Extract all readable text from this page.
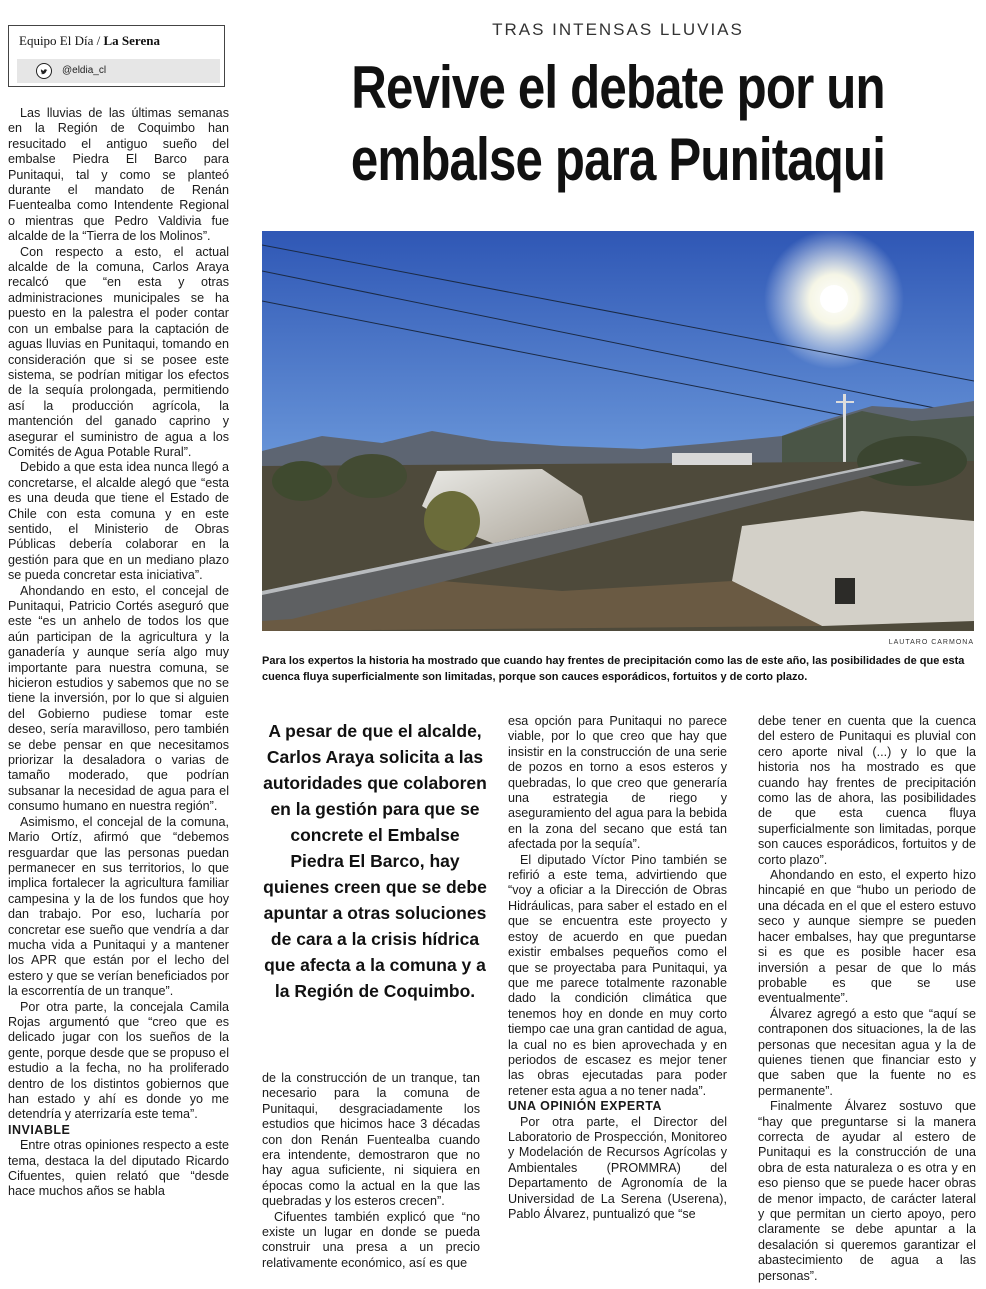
Equipo El Día / La Serena
@eldia_cl
TRAS INTENSAS LLUVIAS
Revive el debate por un embalse para Punitaqui
LAUTARO CARMONA
Para los expertos la historia ha mostrado que cuando hay frentes de precipitación como las de este año, las posibilidades de que esta cuenca fluya superficialmente son limitadas, porque son cauces esporádicos, fortuitos y de corto plazo.

Las lluvias de las últimas semanas en la Región de Coquimbo han resucitado el antiguo sueño del embalse Piedra El Barco para Punitaqui, tal y como se planteó durante el mandato de Renán Fuentealba como Intendente Regional o mientras que Pedro Valdivia fue alcalde de la “Tierra de los Molinos”.

Con respecto a esto, el actual alcalde de la comuna, Carlos Araya recalcó que “en esta y otras administraciones municipales se ha puesto en la palestra el poder contar con un embalse para la captación de aguas lluvias en Punitaqui, tomando en consideración que si se posee este sistema, se podrían mitigar los efectos de la sequía prolongada, permitiendo así la producción agrícola, la mantención del ganado caprino y asegurar el suministro de agua a los Comités de Agua Potable Rural”.

Debido a que esta idea nunca llegó a concretarse, el alcalde alegó que “esta es una deuda que tiene el Estado de Chile con esta comuna y en este sentido, el Ministerio de Obras Públicas debería colaborar en la gestión para que en un mediano plazo se pueda concretar esta iniciativa”.

Ahondando en esto, el concejal de Punitaqui, Patricio Cortés aseguró que este “es un anhelo de todos los que aún participan de la agricultura y la ganadería y aunque sería algo muy importante para nuestra comuna, se hicieron estudios y sabemos que no se tiene la inversión, por lo que si alguien del Gobierno pudiese tomar este deseo, sería maravilloso, pero también se debe pensar en que necesitamos priorizar la desaladora o varias de tamaño moderado, que podrían subsanar la necesidad de agua para el consumo humano en nuestra región”.

Asimismo, el concejal de la comuna, Mario Ortíz, afirmó que “debemos resguardar que las personas puedan permanecer en sus territorios, lo que implica fortalecer la agricultura familiar campesina y la de los fundos que hoy dan trabajo. Por eso, lucharía por concretar ese sueño que vendría a dar mucha vida a Punitaqui y a mantener los APR que están por el lecho del estero y que se verían beneficiados por la escorrentía de un tranque”.

Por otra parte, la concejala Camila Rojas argumentó que “creo que es delicado jugar con los sueños de la gente, porque desde que se propuso el estudio a la fecha, no ha proliferado dentro de los distintos gobiernos que han estado y ahí es donde yo me detendría y aterrizaría este tema”.

INVIABLE

Entre otras opiniones respecto a este tema, destaca la del diputado Ricardo Cifuentes, quien relató que “desde hace muchos años se habla

A pesar de que el alcalde, Carlos Araya solicita a las autoridades que colaboren en la gestión para que se concrete el Embalse Piedra El Barco, hay quienes creen que se debe apuntar a otras soluciones de cara a la crisis hídrica que afecta a la comuna y a la Región de Coquimbo.

de la construcción de un tranque, tan necesario para la comuna de Punitaqui, desgraciadamente los estudios que hicimos hace 3 décadas con don Renán Fuentealba cuando era intendente, demostraron que no hay agua suficiente, ni siquiera en épocas como la actual en la que las quebradas y los esteros crecen”.

Cifuentes también explicó que “no existe un lugar en donde se pueda construir una presa a un precio relativamente económico, así es que

esa opción para Punitaqui no parece viable, por lo que creo que hay que insistir en la construcción de una serie de pozos en torno a esos esteros y quebradas, lo que creo que generaría una estrategia de riego y aseguramiento del agua para la bebida en la zona del secano que está tan afectada por la sequía”.

El diputado Víctor Pino también se refirió a este tema, advirtiendo que “voy a oficiar a la Dirección de Obras Hidráulicas, para saber el estado en el que se encuentra este proyecto y estoy de acuerdo en que puedan existir embalses pequeños como el que se proyectaba para Punitaqui, ya que me parece totalmente razonable dado la condición climática que tenemos hoy en donde en muy corto tiempo cae una gran cantidad de agua, la cual no es bien aprovechada y en periodos de escasez es mejor tener las obras ejecutadas para poder retener esta agua a no tener nada”.

UNA OPINIÓN EXPERTA

Por otra parte, el Director del Laboratorio de Prospección, Monitoreo y Modelación de Recursos Agrícolas y Ambientales (PROMMRA) del Departamento de Agronomía de la Universidad de La Serena (Userena), Pablo Álvarez, puntualizó que “se

debe tener en cuenta que la cuenca del estero de Punitaqui es pluvial con cero aporte nival (...) y lo que la historia nos ha mostrado es que cuando hay frentes de precipitación como las de ahora, las posibilidades de que esta cuenca fluya superficialmente son limitadas, porque son cauces esporádicos, fortuitos y de corto plazo”.

Ahondando en esto, el experto hizo hincapié en que “hubo un periodo de una década en el que el estero estuvo seco y aunque siempre se pueden hacer embalses, hay que preguntarse si es que es posible hacer esa inversión a pesar de que lo más probable es que se use eventualmente”.

Álvarez agregó a esto que “aquí se contraponen dos situaciones, la de las personas que necesitan agua y la de quienes tienen que financiar esto y que saben que la fuente no es permanente”.

Finalmente Álvarez sostuvo que “hay que preguntarse si la manera correcta de ayudar al estero de Punitaqui es la construcción de una obra de esta naturaleza o es otra y en eso pienso que se puede hacer obras de menor impacto, de carácter lateral y que permitan un cierto apoyo, pero claramente se debe apuntar a la desalación si queremos garantizar el abastecimiento de agua a las personas”.
